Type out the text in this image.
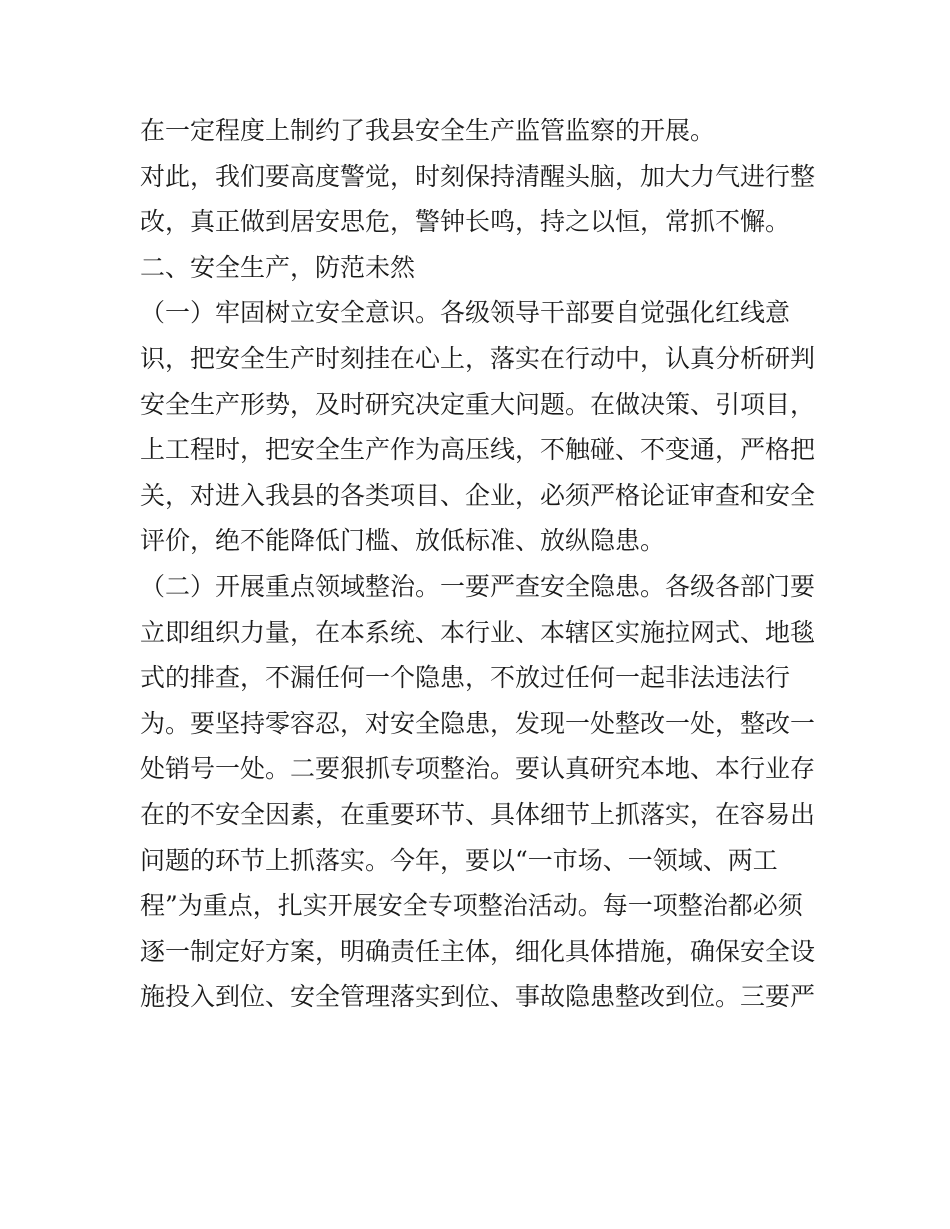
在一定程度上制约了我县安全生产监管监察的开展。
对此，我们要高度警觉，时刻保持清醒头脑，加大力气进行整
改，真正做到居安思危，警钟长鸣，持之以恒，常抓不懈。
二、安全生产，防范未然
（一）牢固树立安全意识。各级领导干部要自觉强化红线意
识，把安全生产时刻挂在心上，落实在行动中，认真分析研判
安全生产形势，及时研究决定重大问题。在做决策、引项目，
上工程时，把安全生产作为高压线，不触碰、不变通，严格把
关，对进入我县的各类项目、企业，必须严格论证审查和安全
评价，绝不能降低门槛、放低标准、放纵隐患。
（二）开展重点领域整治。一要严查安全隐患。各级各部门要
立即组织力量，在本系统、本行业、本辖区实施拉网式、地毯
式的排查，不漏任何一个隐患，不放过任何一起非法违法行
为。要坚持零容忍，对安全隐患，发现一处整改一处，整改一
处销号一处。二要狠抓专项整治。要认真研究本地、本行业存
在的不安全因素，在重要环节、具体细节上抓落实，在容易出
问题的环节上抓落实。今年，要以“一市场、一领域、两工
程”为重点，扎实开展安全专项整治活动。每一项整治都必须
逐一制定好方案，明确责任主体，细化具体措施，确保安全设
施投入到位、安全管理落实到位、事故隐患整改到位。三要严
